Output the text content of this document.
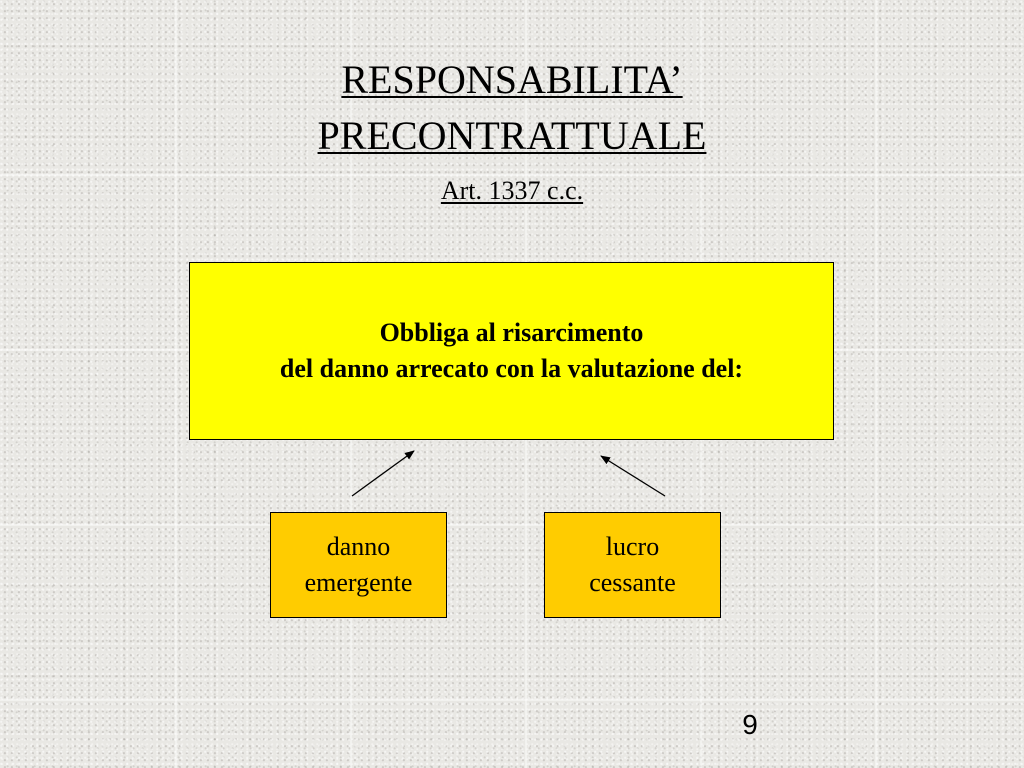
RESPONSABILITA’
PRECONTRATTUALE
Art. 1337 c.c.
Obbliga al risarcimento
del danno arrecato con la valutazione del:
danno
emergente
lucro
cessante
9
